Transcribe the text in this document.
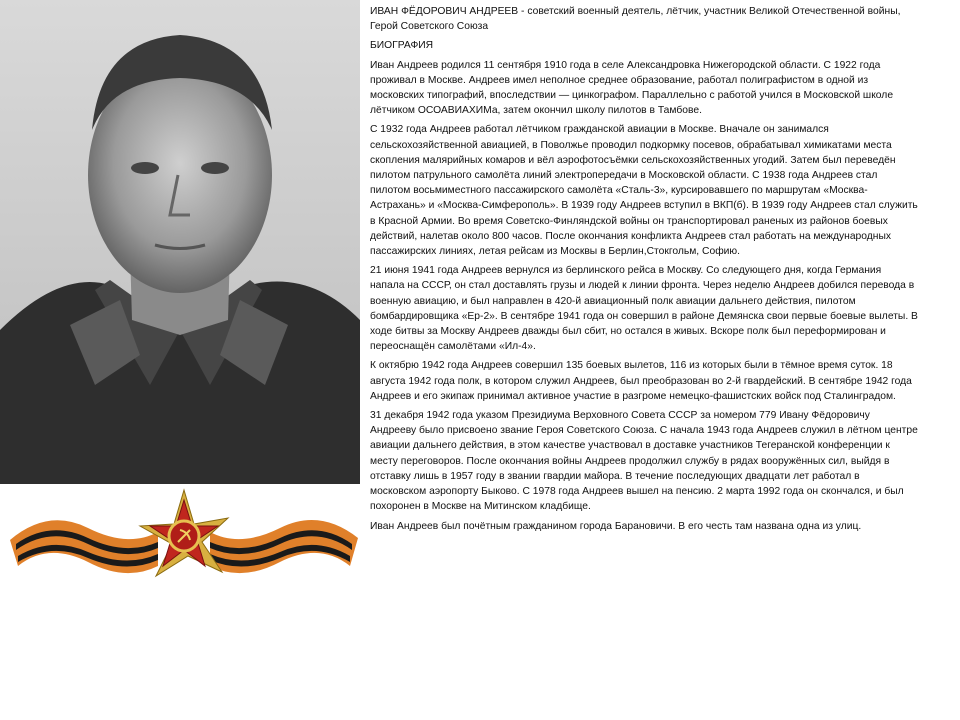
ИВАН ФЁДОРОВИЧ АНДРЕЕВ - советский военный деятель, лётчик, участник Великой Отечественной войны, Герой Советского Союза

БИОГРАФИЯ

Иван Андреев родился 11 сентября 1910 года в селе Александровка Нижегородской области. С 1922 года проживал в Москве. Андреев имел неполное среднее образование, работал полиграфистом в одной из московских типографий, впоследствии — цинкографом. Параллельно с работой учился в Московской школе лётчиком ОСОАВИАХИМа, затем окончил школу пилотов в Тамбове.

С 1932 года Андреев работал лётчиком гражданской авиации в Москве. Вначале он занимался сельскохозяйственной авиацией, в Поволжье проводил подкормку посевов, обрабатывал химикатами места скопления малярийных комаров и вёл аэрофотосъёмки сельскохозяйственных угодий. Затем был переведён пилотом патрульного самолёта линий электропередачи в Московской области. С 1938 года Андреев стал пилотом восьмиместного пассажирского самолёта «Сталь-3», курсировавшего по маршрутам «Москва-Астрахань» и «Москва-Симферополь». В 1939 году Андреев вступил в ВКП(б). В 1939 году Андреев стал служить в Красной Армии. Во время Советско-Финляндской войны он транспортировал раненых из районов боевых действий, налетав около 800 часов. После окончания конфликта Андреев стал работать на международных пассажирских линиях, летая рейсам из Москвы в Берлин,Стокгольм, Софию.

21 июня 1941 года Андреев вернулся из берлинского рейса в Москву. Со следующего дня, когда Германия напала на СССР, он стал доставлять грузы и людей к линии фронта. Через неделю Андреев добился перевода в военную авиацию, и был направлен в 420-й авиационный полк авиации дальнего действия, пилотом бомбардировщика «Ер-2». В сентябре 1941 года он совершил в районе Демянска свои первые боевые вылеты. В ходе битвы за Москву Андреев дважды был сбит, но остался в живых. Вскоре полк был переформирован и переоснащён самолётами «Ил-4».

К октябрю 1942 года Андреев совершил 135 боевых вылетов, 116 из которых были в тёмное время суток. 18 августа 1942 года полк, в котором служил Андреев, был преобразован во 2-й гвардейский. В сентябре 1942 года Андреев и его экипаж принимал активное участие в разгроме немецко-фашистских войск под Сталинградом.

31 декабря 1942 года указом Президиума Верховного Совета СССР за номером 779 Ивану Фёдоровичу Андрееву было присвоено звание Героя Советского Союза. С начала 1943 года Андреев служил в лётном центре авиации дальнего действия, в этом качестве участвовал в доставке участников Тегеранской конференции к месту переговоров. После окончания войны Андреев продолжил службу в рядах вооружённых сил, выйдя в отставку лишь в 1957 году в звании гвардии майора. В течение последующих двадцати лет работал в московском аэропорту Быково. С 1978 года Андреев вышел на пенсию. 2 марта 1992 года он скончался, и был похоронен в Москве на Митинском кладбище.

Иван Андреев был почётным гражданином города Барановичи. В его честь там названа одна из улиц.
